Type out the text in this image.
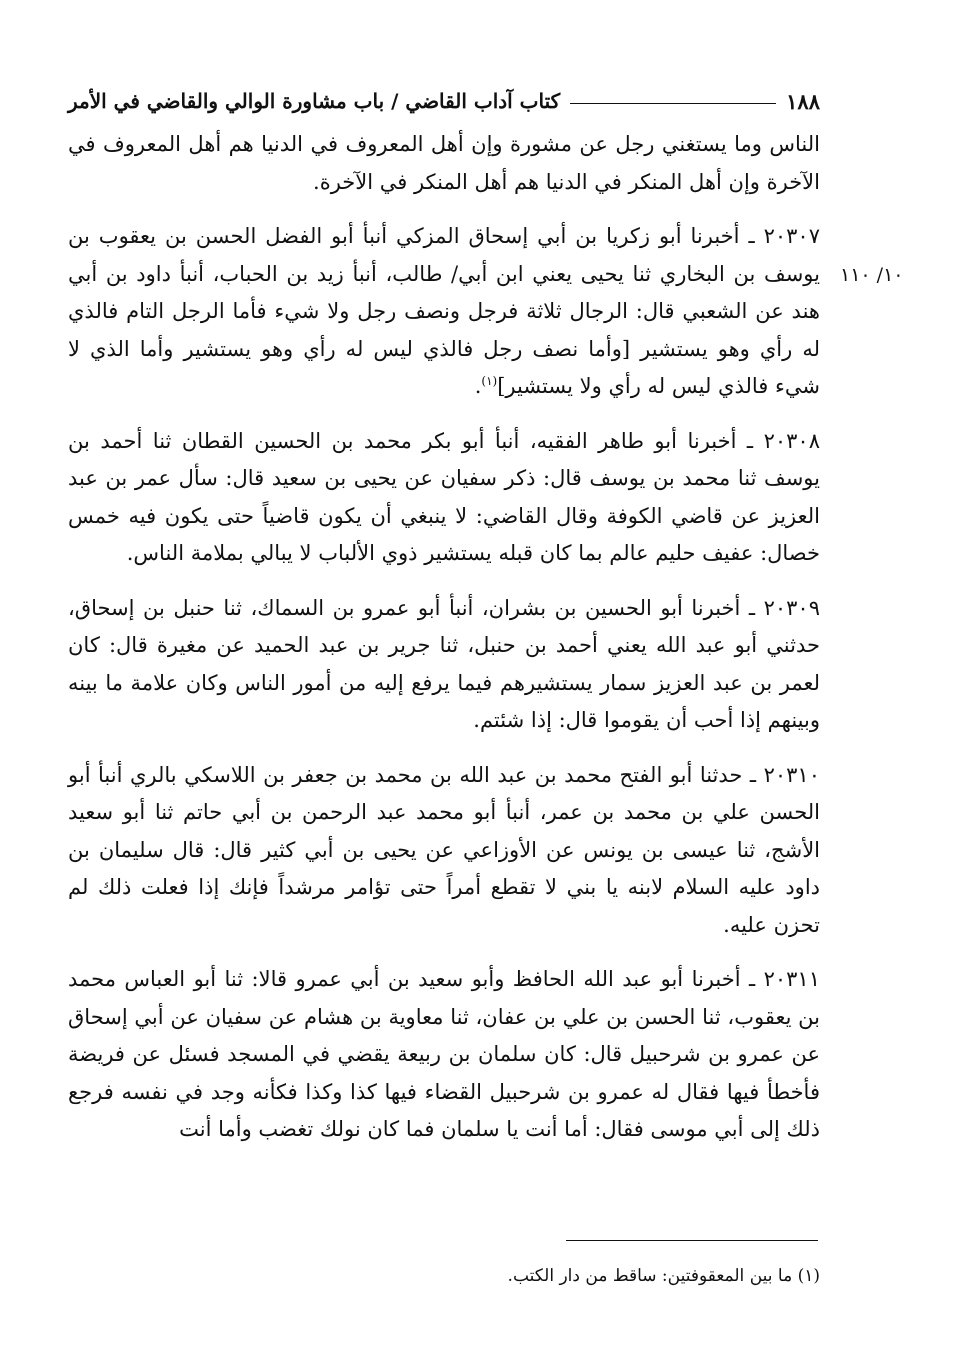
١٨٨
كتاب آداب القاضي / باب مشاورة الوالي والقاضي في الأمر
١٠/ ١١٠

الناس وما يستغني رجل عن مشورة وإن أهل المعروف في الدنيا هم أهل المعروف في الآخرة وإن أهل المنكر في الدنيا هم أهل المنكر في الآخرة.

٢٠٣٠٧ ـ أخبرنا أبو زكريا بن أبي إسحاق المزكي أنبأ أبو الفضل الحسن بن يعقوب بن يوسف بن البخاري ثنا يحيى يعني ابن أبي/ طالب، أنبأ زيد بن الحباب، أنبأ داود بن أبي هند عن الشعبي قال: الرجال ثلاثة فرجل ونصف رجل ولا شيء فأما الرجل التام فالذي له رأي وهو يستشير [وأما نصف رجل فالذي ليس له رأي وهو يستشير وأما الذي لا شيء فالذي ليس له رأي ولا يستشير]$^{(١)}$.

٢٠٣٠٨ ـ أخبرنا أبو طاهر الفقيه، أنبأ أبو بكر محمد بن الحسين القطان ثنا أحمد بن يوسف ثنا محمد بن يوسف قال: ذكر سفيان عن يحيى بن سعيد قال: سأل عمر بن عبد العزيز عن قاضي الكوفة وقال القاضي: لا ينبغي أن يكون قاضياً حتى يكون فيه خمس خصال: عفيف حليم عالم بما كان قبله يستشير ذوي الألباب لا يبالي بملامة الناس.

٢٠٣٠٩ ـ أخبرنا أبو الحسين بن بشران، أنبأ أبو عمرو بن السماك، ثنا حنبل بن إسحاق، حدثني أبو عبد الله يعني أحمد بن حنبل، ثنا جرير بن عبد الحميد عن مغيرة قال: كان لعمر بن عبد العزيز سمار يستشيرهم فيما يرفع إليه من أمور الناس وكان علامة ما بينه وبينهم إذا أحب أن يقوموا قال: إذا شئتم.

٢٠٣١٠ ـ حدثنا أبو الفتح محمد بن عبد الله بن محمد بن جعفر بن اللاسكي بالري أنبأ أبو الحسن علي بن محمد بن عمر، أنبأ أبو محمد عبد الرحمن بن أبي حاتم ثنا أبو سعيد الأشج، ثنا عيسى بن يونس عن الأوزاعي عن يحيى بن أبي كثير قال: قال سليمان بن داود عليه السلام لابنه يا بني لا تقطع أمراً حتى تؤامر مرشداً فإنك إذا فعلت ذلك لم تحزن عليه.

٢٠٣١١ ـ أخبرنا أبو عبد الله الحافظ وأبو سعيد بن أبي عمرو قالا: ثنا أبو العباس محمد بن يعقوب، ثنا الحسن بن علي بن عفان، ثنا معاوية بن هشام عن سفيان عن أبي إسحاق عن عمرو بن شرحبيل قال: كان سلمان بن ربيعة يقضي في المسجد فسئل عن فريضة فأخطأ فيها فقال له عمرو بن شرحبيل القضاء فيها كذا وكذا فكأنه وجد في نفسه فرجع ذلك إلى أبي موسى فقال: أما أنت يا سلمان فما كان نولك تغضب وأما أنت

(١) ما بين المعقوفتين: ساقط من دار الكتب.
